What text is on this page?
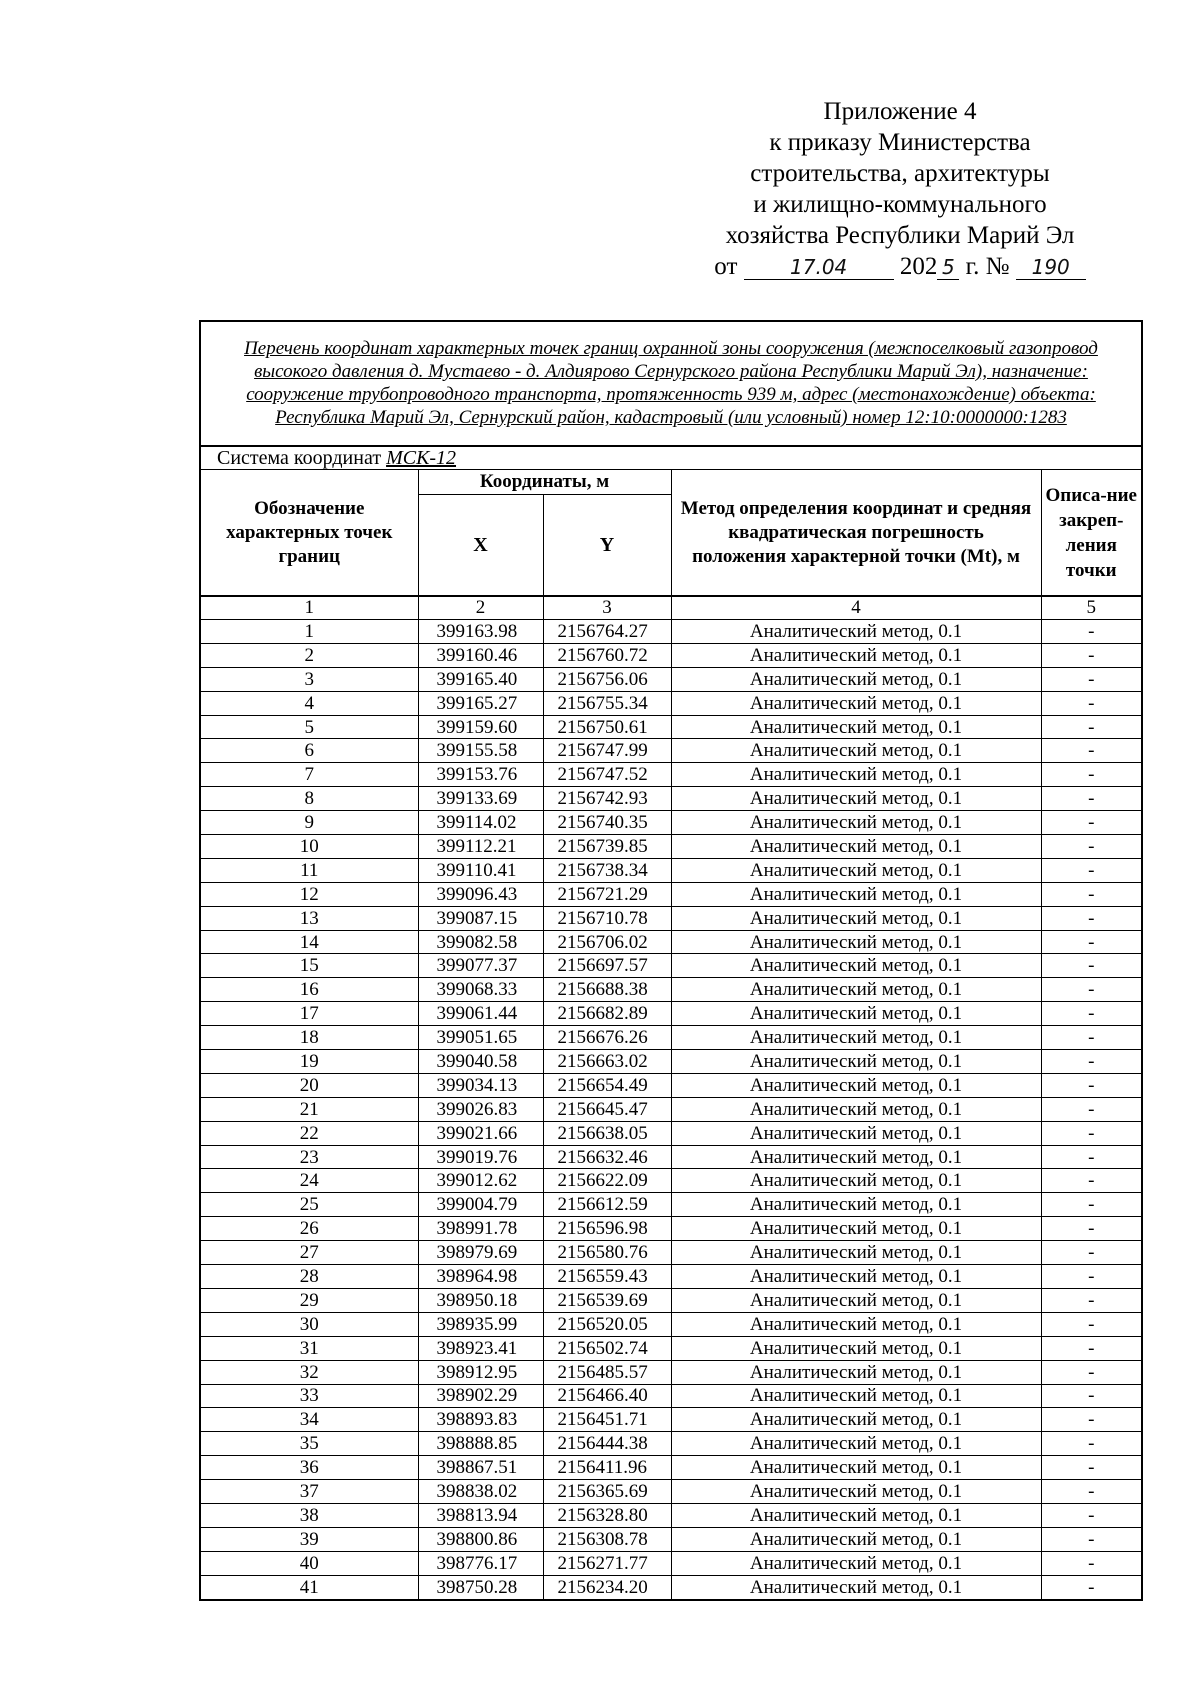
Приложение 4
к приказу Министерства
строительства, архитектуры
и жилищно-коммунального
хозяйства Республики Марий Эл
от	17.04 202 5 г. № 190
Перечень координат характерных точек границ охранной зоны сооружения (межпоселковый газопровод высокого давления д. Мустаево - д. Алдиярово Сернурского района Республики Марий Эл), назначение: сооружение трубопроводного транспорта, протяженность 939 м, адрес (местонахождение) объекта: Республика Марий Эл, Сернурский район, кадастровый (или условный) номер 12:10:0000000:1283				
Система координат МСК-12				
Обозначение характерных точек границ	Координаты, м		Метод определения координат и средняя квадратическая погрешность положения характерной точки (Mt), м	Описа-ние закреп-ления точки
	X	Y		
1	2	3	4	5
1	399163.98	2156764.27	Аналитический метод, 0.1	-
2	399160.46	2156760.72	Аналитический метод, 0.1	-
3	399165.40	2156756.06	Аналитический метод, 0.1	-
4	399165.27	2156755.34	Аналитический метод, 0.1	-
5	399159.60	2156750.61	Аналитический метод, 0.1	-
6	399155.58	2156747.99	Аналитический метод, 0.1	-
7	399153.76	2156747.52	Аналитический метод, 0.1	-
8	399133.69	2156742.93	Аналитический метод, 0.1	-
9	399114.02	2156740.35	Аналитический метод, 0.1	-
10	399112.21	2156739.85	Аналитический метод, 0.1	-
11	399110.41	2156738.34	Аналитический метод, 0.1	-
12	399096.43	2156721.29	Аналитический метод, 0.1	-
13	399087.15	2156710.78	Аналитический метод, 0.1	-
14	399082.58	2156706.02	Аналитический метод, 0.1	-
15	399077.37	2156697.57	Аналитический метод, 0.1	-
16	399068.33	2156688.38	Аналитический метод, 0.1	-
17	399061.44	2156682.89	Аналитический метод, 0.1	-
18	399051.65	2156676.26	Аналитический метод, 0.1	-
19	399040.58	2156663.02	Аналитический метод, 0.1	-
20	399034.13	2156654.49	Аналитический метод, 0.1	-
21	399026.83	2156645.47	Аналитический метод, 0.1	-
22	399021.66	2156638.05	Аналитический метод, 0.1	-
23	399019.76	2156632.46	Аналитический метод, 0.1	-
24	399012.62	2156622.09	Аналитический метод, 0.1	-
25	399004.79	2156612.59	Аналитический метод, 0.1	-
26	398991.78	2156596.98	Аналитический метод, 0.1	-
27	398979.69	2156580.76	Аналитический метод, 0.1	-
28	398964.98	2156559.43	Аналитический метод, 0.1	-
29	398950.18	2156539.69	Аналитический метод, 0.1	-
30	398935.99	2156520.05	Аналитический метод, 0.1	-
31	398923.41	2156502.74	Аналитический метод, 0.1	-
32	398912.95	2156485.57	Аналитический метод, 0.1	-
33	398902.29	2156466.40	Аналитический метод, 0.1	-
34	398893.83	2156451.71	Аналитический метод, 0.1	-
35	398888.85	2156444.38	Аналитический метод, 0.1	-
36	398867.51	2156411.96	Аналитический метод, 0.1	-
37	398838.02	2156365.69	Аналитический метод, 0.1	-
38	398813.94	2156328.80	Аналитический метод, 0.1	-
39	398800.86	2156308.78	Аналитический метод, 0.1	-
40	398776.17	2156271.77	Аналитический метод, 0.1	-
41	398750.28	2156234.20	Аналитический метод, 0.1	-
